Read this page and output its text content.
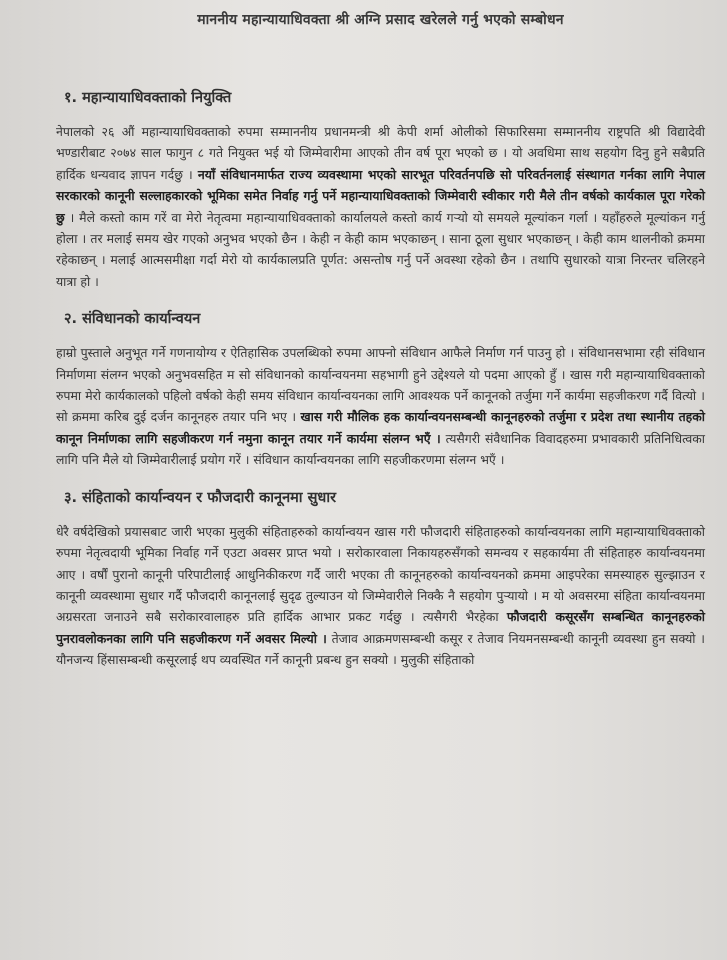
माननीय महान्यायाधिवक्ता श्री अग्नि प्रसाद खरेलले गर्नु भएको सम्बोधन
१. महान्यायाधिवक्ताको नियुक्ति

नेपालको २६ औं महान्यायाधिवक्ताको रुपमा सम्माननीय प्रधानमन्त्री श्री केपी शर्मा ओलीको सिफारिसमा सम्माननीय राष्ट्रपति श्री विद्यादेवी भण्डारीबाट २०७४ साल फागुन ८ गते नियुक्त भई यो जिम्मेवारीमा आएको तीन वर्ष पूरा भएको छ । यो अवधिमा साथ सहयोग दिनु हुने सबैप्रति हार्दिक धन्यवाद ज्ञापन गर्दछु । नयाँ संविधानमार्फत राज्य व्यवस्थामा भएको सारभूत परिवर्तनपछि सो परिवर्तनलाई संस्थागत गर्नका लागि नेपाल सरकारको कानूनी सल्लाहकारको भूमिका समेत निर्वाह गर्नु पर्ने महान्यायाधिवक्ताको जिम्मेवारी स्वीकार गरी मैले तीन वर्षको कार्यकाल पूरा गरेको छु । मैले कस्तो काम गरें वा मेरो नेतृत्वमा महान्यायाधिवक्ताको कार्यालयले कस्तो कार्य गर्‍यो यो समयले मूल्यांकन गर्ला । यहाँहरुले मूल्यांकन गर्नु होला । तर मलाई समय खेर गएको अनुभव भएको छैन । केही न केही काम भएकाछन् । साना ठूला सुधार भएकाछन् । केही काम थालनीको क्रममा रहेकाछन् । मलाई आत्मसमीक्षा गर्दा मेरो यो कार्यकालप्रति पूर्णत: असन्तोष गर्नु पर्ने अवस्था रहेको छैन । तथापि सुधारको यात्रा निरन्तर चलिरहने यात्रा हो ।

२. संविधानको कार्यान्वयन

हाम्रो पुस्ताले अनुभूत गर्ने गणनायोग्य र ऐतिहासिक उपलब्धिको रुपमा आफ्नो संविधान आफैले निर्माण गर्न पाउनु हो । संविधानसभामा रही संविधान निर्माणमा संलग्न भएको अनुभवसहित म सो संविधानको कार्यान्वयनमा सहभागी हुने उद्देश्यले यो पदमा आएको हुँ । खास गरी महान्यायाधिवक्ताको रुपमा मेरो कार्यकालको पहिलो वर्षको केही समय संविधान कार्यान्वयनका लागि आवश्यक पर्ने कानूनको तर्जुमा गर्ने कार्यमा सहजीकरण गर्दै वित्यो । सो क्रममा करिब दुई दर्जन कानूनहरु तयार पनि भए । खास गरी मौलिक हक कार्यान्वयनसम्बन्धी कानूनहरुको तर्जुमा र प्रदेश तथा स्थानीय तहको कानून निर्माणका लागि सहजीकरण गर्न नमुना कानून तयार गर्ने कार्यमा संलग्न भएँ । त्यसैगरी संवैधानिक विवादहरुमा प्रभावकारी प्रतिनिधित्वका लागि पनि मैले यो जिम्मेवारीलाई प्रयोग गरें । संविधान कार्यान्वयनका लागि सहजीकरणमा संलग्न भएँ ।

३. संहिताको कार्यान्वयन र फौजदारी कानूनमा सुधार

धेरै वर्षदेखिको प्रयासबाट जारी भएका मुलुकी संहिताहरुको कार्यान्वयन खास गरी फौजदारी संहिताहरुको कार्यान्वयनका लागि महान्यायाधिवक्ताको रुपमा नेतृत्वदायी भूमिका निर्वाह गर्ने एउटा अवसर प्राप्त भयो । सरोकारवाला निकायहरुसँगको समन्वय र सहकार्यमा ती संहिताहरु कार्यान्वयनमा आए । वर्षौं पुरानो कानूनी परिपाटीलाई आधुनिकीकरण गर्दै जारी भएका ती कानूनहरुको कार्यान्वयनको क्रममा आइपरेका समस्याहरु सुल्झाउन र कानूनी व्यवस्थामा सुधार गर्दै फौजदारी कानूनलाई सुदृढ तुल्याउन यो जिम्मेवारीले निक्कै नै सहयोग पुर्‍यायो । म यो अवसरमा संहिता कार्यान्वयनमा अग्रसरता जनाउने सबै सरोकारवालाहरु प्रति हार्दिक आभार प्रकट गर्दछु । त्यसैगरी भैरहेका फौजदारी कसूरसँग सम्बन्धित कानूनहरुको पुनरावलोकनका लागि पनि सहजीकरण गर्ने अवसर मिल्यो । तेजाव आक्रमणसम्बन्धी कसूर र तेजाव नियमनसम्बन्धी कानूनी व्यवस्था हुन सक्यो । यौनजन्य हिंसासम्बन्धी कसूरलाई थप व्यवस्थित गर्ने कानूनी प्रबन्ध हुन सक्यो । मुलुकी संहिताको
